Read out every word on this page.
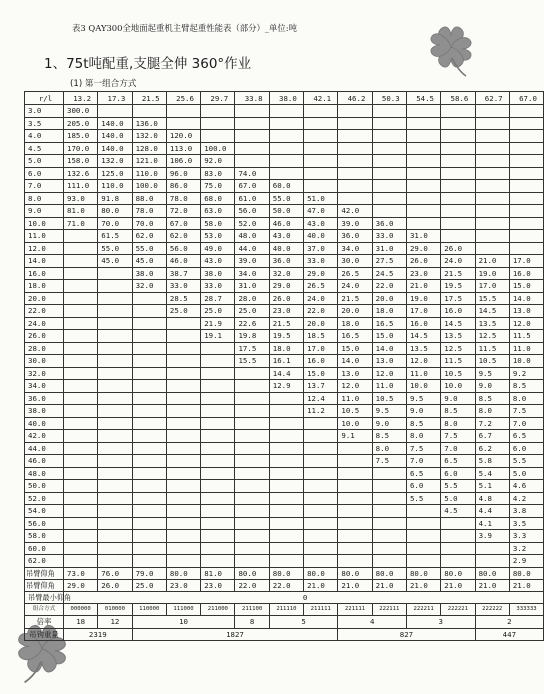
表3 QAY300全地面起重机主臂起重性能表（部分）_单位:吨
1、75t吨配重,支腿全伸 360°作业
(1) 第一组合方式
r/l	13.2	17.3	21.5	25.6	29.7	33.8	38.0	42.1	46.2	50.3	54.5	58.6	62.7	67.0
3.0	300.0													
3.5	205.0	140.0	136.0											
4.0	185.0	140.0	132.0	120.0										
4.5	170.0	140.0	128.0	113.0	100.0									
5.0	158.0	132.0	121.0	106.0	92.0									
6.0	132.6	125.0	110.0	96.0	83.0	74.0								
7.0	111.0	110.0	100.0	86.0	75.0	67.0	60.0							
8.0	93.0	91.8	88.0	78.0	68.0	61.0	55.0	51.0						
9.0	81.0	80.0	78.0	72.0	63.0	56.0	50.0	47.0	42.0					
10.0	71.0	70.0	70.0	67.0	58.0	52.0	46.0	43.0	39.0	36.0				
11.0		61.5	62.0	62.0	53.0	48.0	43.0	40.0	36.0	33.0	31.0			
12.0		55.0	55.0	56.0	49.0	44.0	40.0	37.0	34.0	31.0	29.0	26.0		
14.0		45.0	45.0	46.0	43.0	39.0	36.0	33.0	30.0	27.5	26.0	24.0	21.0	17.0
16.0			38.0	38.7	38.0	34.0	32.0	29.0	26.5	24.5	23.0	21.5	19.0	16.0
18.0			32.0	33.0	33.0	31.0	29.0	26.5	24.0	22.0	21.0	19.5	17.0	15.0
20.0				28.5	28.7	28.0	26.0	24.0	21.5	20.0	19.0	17.5	15.5	14.0
22.0				25.0	25.0	25.0	23.0	22.0	20.0	18.0	17.0	16.0	14.5	13.0
24.0					21.9	22.6	21.5	20.0	18.0	16.5	16.0	14.5	13.5	12.0
26.0					19.1	19.8	19.5	18.5	16.5	15.0	14.5	13.5	12.5	11.5
28.0						17.5	18.0	17.0	15.0	14.0	13.5	12.5	11.5	11.0
30.0						15.5	16.1	16.0	14.0	13.0	12.0	11.5	10.5	10.0
32.0							14.4	15.0	13.0	12.0	11.0	10.5	9.5	9.2
34.0							12.9	13.7	12.0	11.0	10.0	10.0	9.0	8.5
36.0								12.4	11.0	10.5	9.5	9.0	8.5	8.0
38.0								11.2	10.5	9.5	9.0	8.5	8.0	7.5
40.0									10.0	9.0	8.5	8.0	7.2	7.0
42.0									9.1	8.5	8.0	7.5	6.7	6.5
44.0										8.0	7.5	7.0	6.2	6.0
46.0										7.5	7.0	6.5	5.8	5.5
48.0											6.5	6.0	5.4	5.0
50.0											6.0	5.5	5.1	4.6
52.0											5.5	5.0	4.8	4.2
54.0												4.5	4.4	3.8
56.0													4.1	3.5
58.0													3.9	3.3
60.0														3.2
62.0														2.9
吊臂仰角	73.0	76.0	79.0	80.0	81.0	80.0	80.0	80.0	80.0	80.0	80.0	80.0	80.0	80.0
吊臂仰角	29.0	26.0	25.0	23.0	23.0	22.0	22.0	21.0	21.0	21.0	21.0	21.0	21.0	21.0
吊臂最小仰角	0													
组合方式	000000	010000	110000	111000	211000	211100	211110	211111	221111	222111	222211	222221	222222	333333
倍率	18	12	10			8	5		4		3		2	
吊钩重量	2319		1827						827				447	
